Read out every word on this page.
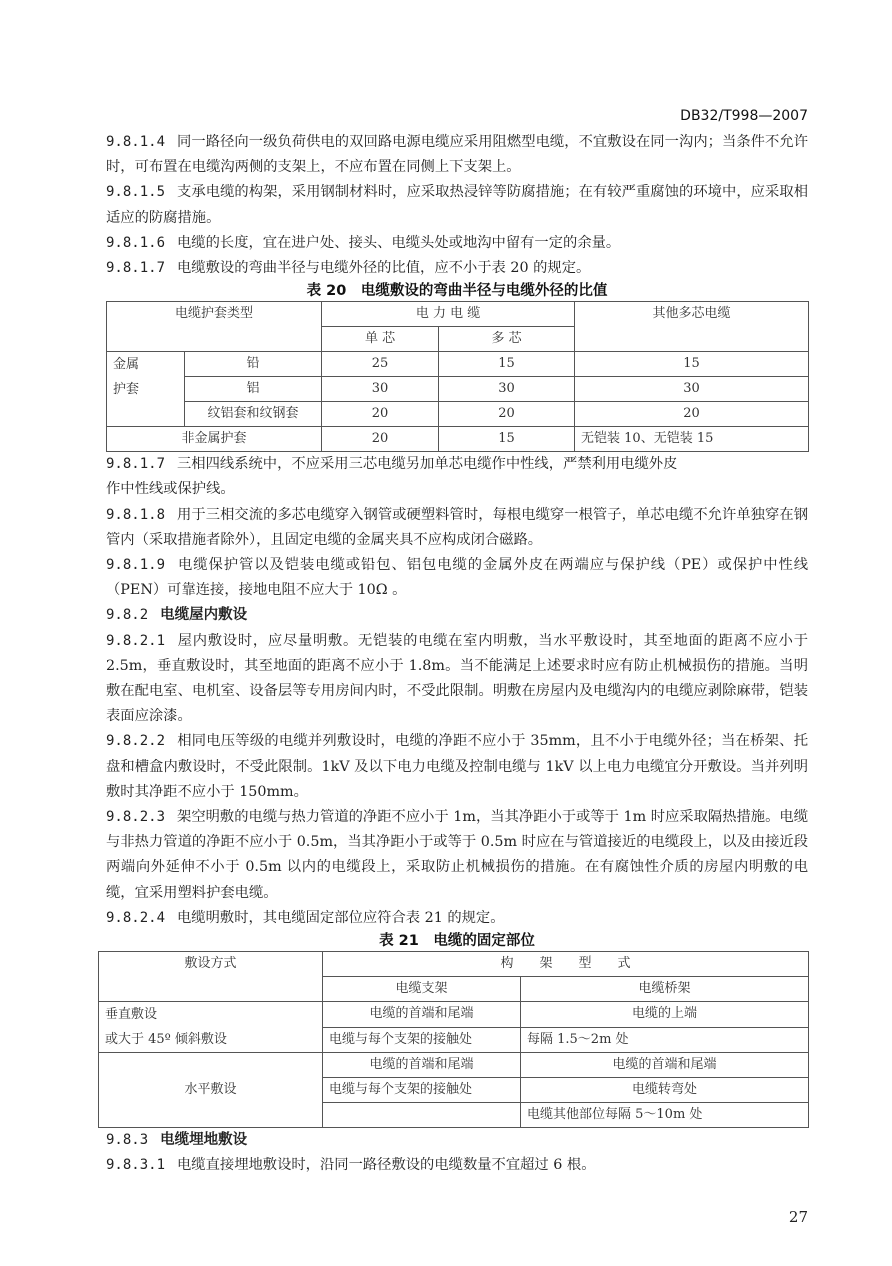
DB32/T998—2007

9.8.1.4 同一路径向一级负荷供电的双回路电源电缆应采用阻燃型电缆，不宜敷设在同一沟内；当条件不允许时，可布置在电缆沟两侧的支架上，不应布置在同侧上下支架上。

9.8.1.5 支承电缆的构架，采用钢制材料时，应采取热浸锌等防腐措施；在有较严重腐蚀的环境中，应采取相适应的防腐措施。

9.8.1.6 电缆的长度，宜在进户处、接头、电缆头处或地沟中留有一定的余量。

9.8.1.7 电缆敷设的弯曲半径与电缆外径的比值，应不小于表 20 的规定。

表 20　电缆敷设的弯曲半径与电缆外径的比值
电缆护套类型		电 力 电 缆		其他多芯电缆
		单 芯	多 芯	
金属
护套	铅	25	15	15
	铝	30	30	30
	纹铝套和纹钢套	20	20	20
非金属护套		20	15	无铠装 10、无铠装 15

9.8.1.7 三相四线系统中，不应采用三芯电缆另加单芯电缆作中性线，严禁利用电缆外皮
作中性线或保护线。

9.8.1.8 用于三相交流的多芯电缆穿入钢管或硬塑料管时，每根电缆穿一根管子，单芯电缆不允许单独穿在钢管内（采取措施者除外），且固定电缆的金属夹具不应构成闭合磁路。

9.8.1.9 电缆保护管以及铠装电缆或铅包、铝包电缆的金属外皮在两端应与保护线（PE）或保护中性线（PEN）可靠连接，接地电阻不应大于 10Ω 。

9.8.2 电缆屋内敷设

9.8.2.1 屋内敷设时，应尽量明敷。无铠装的电缆在室内明敷，当水平敷设时，其至地面的距离不应小于 2.5m，垂直敷设时，其至地面的距离不应小于 1.8m。当不能满足上述要求时应有防止机械损伤的措施。当明敷在配电室、电机室、设备层等专用房间内时，不受此限制。明敷在房屋内及电缆沟内的电缆应剥除麻带，铠装表面应涂漆。

9.8.2.2 相同电压等级的电缆并列敷设时，电缆的净距不应小于 35mm，且不小于电缆外径；当在桥架、托盘和槽盒内敷设时，不受此限制。1kV 及以下电力电缆及控制电缆与 1kV 以上电力电缆宜分开敷设。当并列明敷时其净距不应小于 150mm。

9.8.2.3 架空明敷的电缆与热力管道的净距不应小于 1m，当其净距小于或等于 1m 时应采取隔热措施。电缆与非热力管道的净距不应小于 0.5m，当其净距小于或等于 0.5m 时应在与管道接近的电缆段上，以及由接近段两端向外延伸不小于 0.5m 以内的电缆段上，采取防止机械损伤的措施。在有腐蚀性介质的房屋内明敷的电缆，宜采用塑料护套电缆。

9.8.2.4 电缆明敷时，其电缆固定部位应符合表 21 的规定。

表 21　电缆的固定部位
敷设方式	构　　架　　型　　式	
	电缆支架	电缆桥架
垂直敷设
或大于 45º 倾斜敷设	电缆的首端和尾端	电缆的上端
	电缆与每个支架的接触处	每隔 1.5～2m 处
水平敷设	电缆的首端和尾端	电缆的首端和尾端
	电缆与每个支架的接触处	电缆转弯处
		电缆其他部位每隔 5～10m 处

9.8.3 电缆埋地敷设

9.8.3.1 电缆直接埋地敷设时，沿同一路径敷设的电缆数量不宜超过 6 根。

27
